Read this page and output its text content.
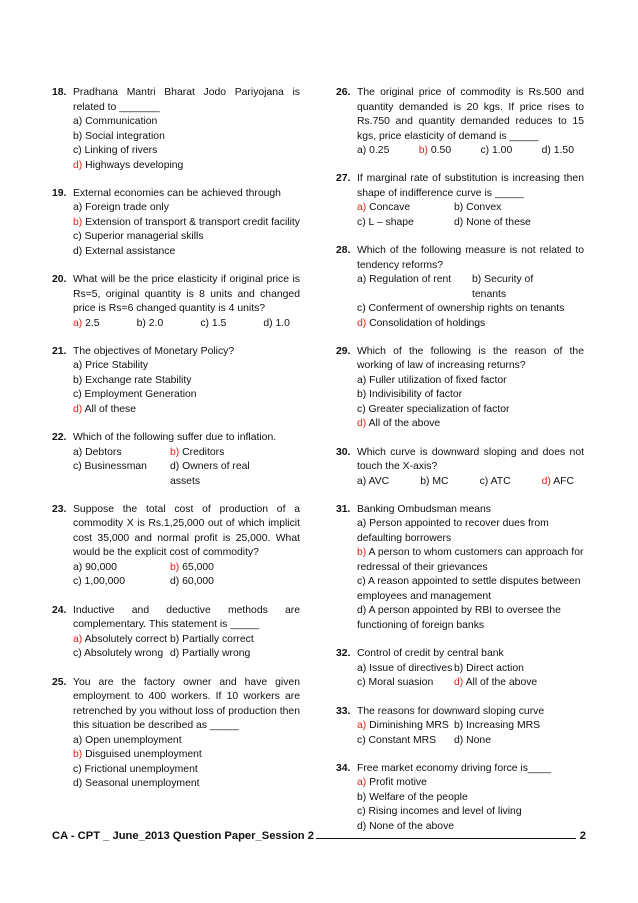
18. Pradhana Mantri Bharat Jodo Pariyojana is related to _______
a) Communication
b) Social integration
c) Linking of rivers
d) Highways developing
19. External economies can be achieved through
a) Foreign trade only
b) Extension of transport & transport credit facility
c) Superior managerial skills
d) External assistance
20. What will be the price elasticity if original price is Rs=5, original quantity is 8 units and changed price is Rs=6 changed quantity is 4 units?
a) 2.5	b) 2.0	c) 1.5	d) 1.0
21. The objectives of Monetary Policy?
a) Price Stability
b) Exchange rate Stability
c) Employment Generation
d) All of these
22. Which of the following suffer due to inflation.
a) Debtors	b) Creditors
c) Businessman	d) Owners of real assets
23. Suppose the total cost of production of a commodity X is Rs.1,25,000 out of which implicit cost 35,000 and normal profit is 25,000. What would be the explicit cost of commodity?
a) 90,000	b) 65,000
c) 1,00,000	d) 60,000
24. Inductive and deductive methods are complementary. This statement is _____
a) Absolutely correct b) Partially correct
c) Absolutely wrong d) Partially wrong
25. You are the factory owner and have given employment to 400 workers. If 10 workers are retrenched by you without loss of production then this situation be described as _____
a) Open unemployment
b) Disguised unemployment
c) Frictional unemployment
d) Seasonal unemployment
26. The original price of commodity is Rs.500 and quantity demanded is 20 kgs. If price rises to Rs.750 and quantity demanded reduces to 15 kgs, price elasticity of demand is _____
a) 0.25	b) 0.50	c) 1.00	d) 1.50
27. If marginal rate of substitution is increasing then shape of indifference curve is _____
a) Concave	b) Convex
c) L – shape	d) None of these
28. Which of the following measure is not related to tendency reforms?
a) Regulation of rent	b) Security of tenants
c) Conferment of ownership rights on tenants
d) Consolidation of holdings
29. Which of the following is the reason of the working of law of increasing returns?
a) Fuller utilization of fixed factor
b) Indivisibility of factor
c) Greater specialization of factor
d) All of the above
30. Which curve is downward sloping and does not touch the X-axis?
a) AVC	b) MC	c) ATC	d) AFC
31. Banking Ombudsman means
a) Person appointed to recover dues from defaulting borrowers
b) A person to whom customers can approach for redressal of their grievances
c) A reason appointed to settle disputes between employees and management
d) A person appointed by RBI to oversee the functioning of foreign banks
32. Control of credit by central bank
a) Issue of directives b) Direct action
c) Moral suasion	d) All of the above
33. The reasons for downward sloping curve
a) Diminishing MRS b) Increasing MRS
c) Constant MRS	d) None
34. Free market economy driving force is____
a) Profit motive
b) Welfare of the people
c) Rising incomes and level of living
d) None of the above
CA - CPT _ June_2013 Question Paper_Session 2	2
